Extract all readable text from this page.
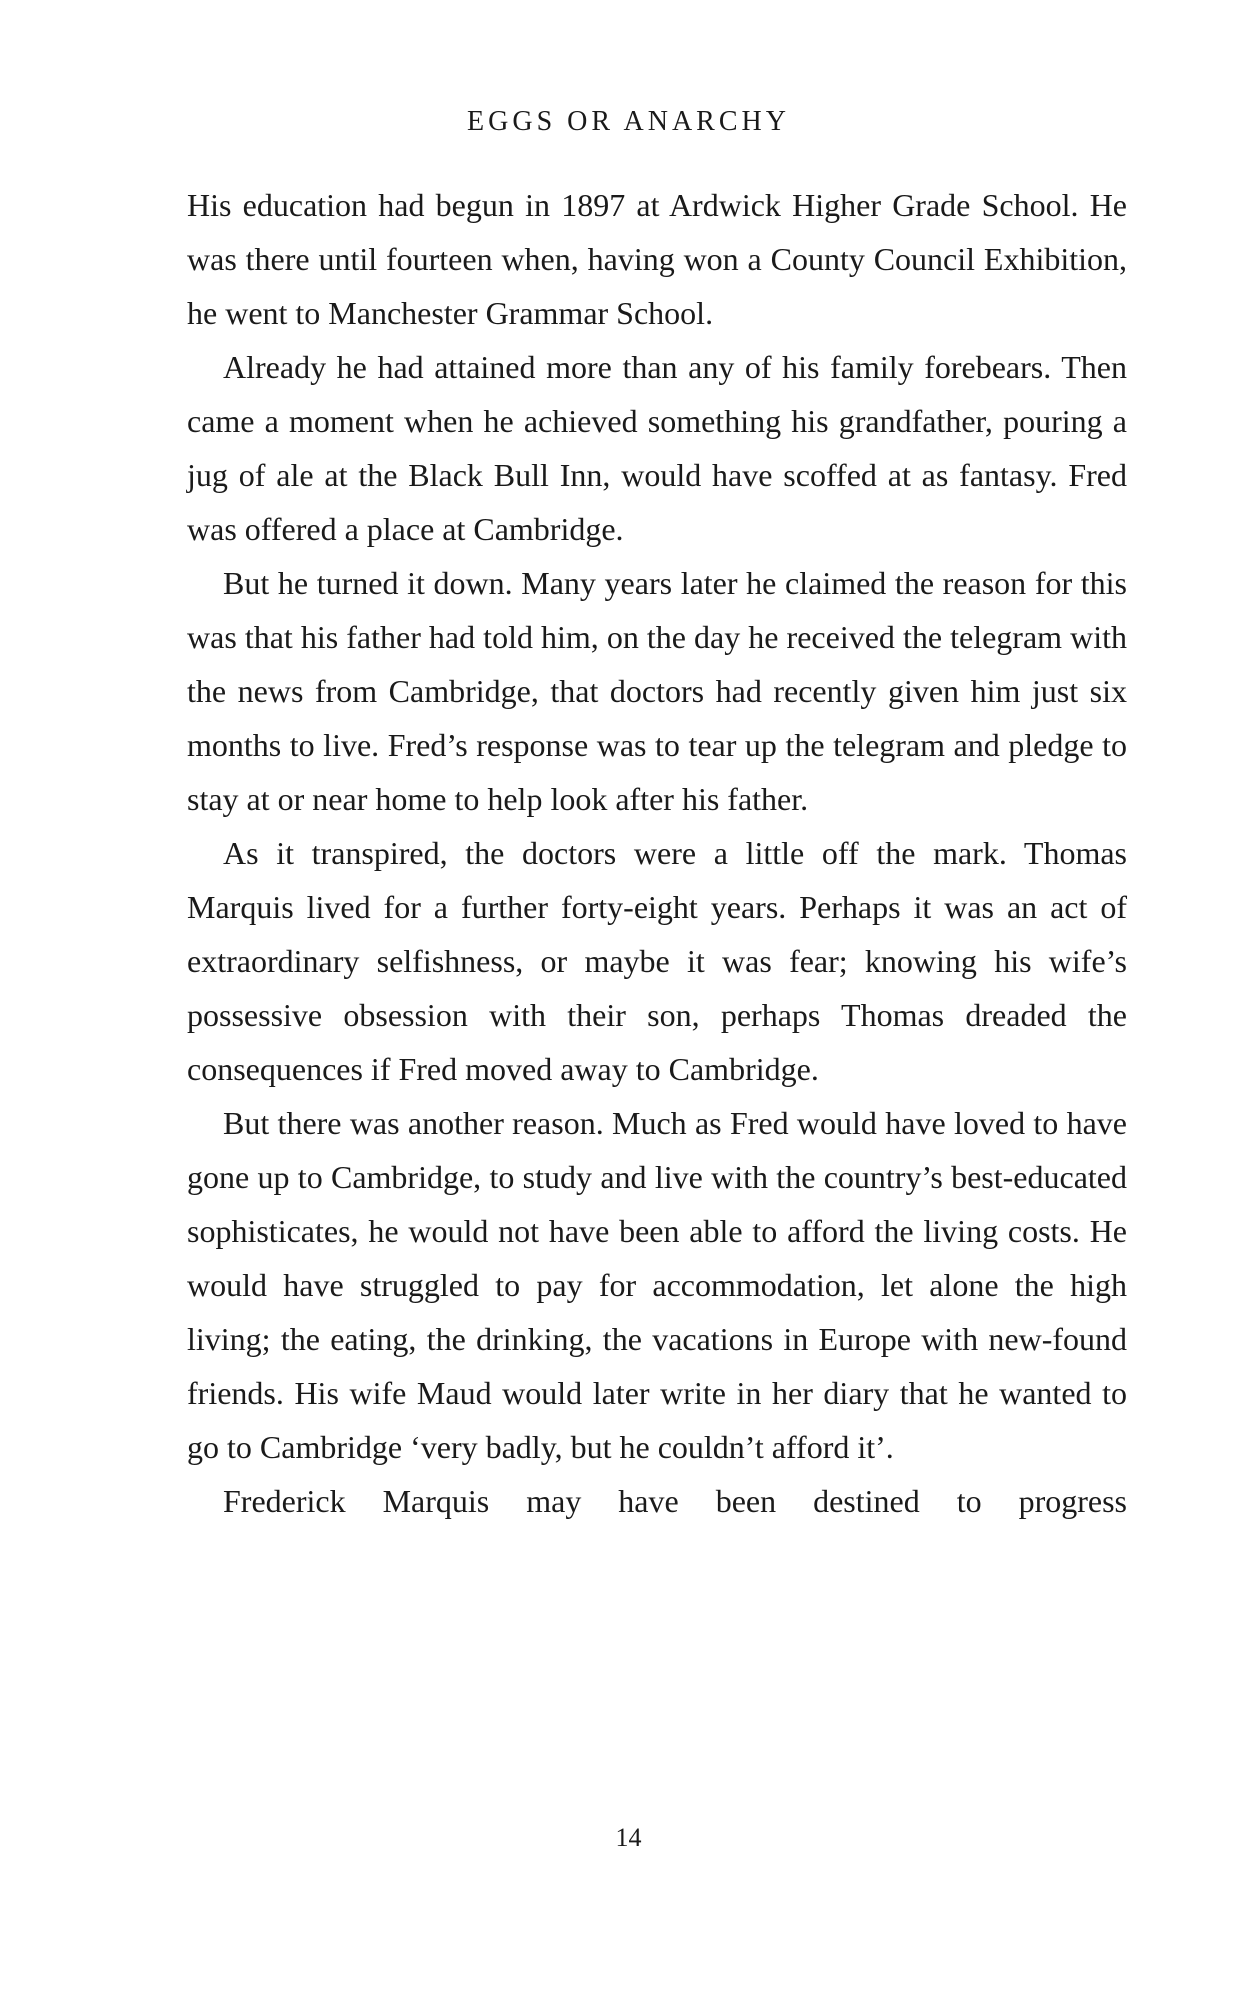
EGGS OR ANARCHY

His education had begun in 1897 at Ardwick Higher Grade School. He was there until fourteen when, having won a County Council Exhibition, he went to Manchester Grammar School.

Already he had attained more than any of his family forebears. Then came a moment when he achieved something his grandfather, pouring a jug of ale at the Black Bull Inn, would have scoffed at as fantasy. Fred was offered a place at Cambridge.

But he turned it down. Many years later he claimed the reason for this was that his father had told him, on the day he received the telegram with the news from Cambridge, that doctors had recently given him just six months to live. Fred’s response was to tear up the telegram and pledge to stay at or near home to help look after his father.

As it transpired, the doctors were a little off the mark. Thomas Marquis lived for a further forty-eight years. Perhaps it was an act of extraordinary selfishness, or maybe it was fear; knowing his wife’s possessive obsession with their son, perhaps Thomas dreaded the consequences if Fred moved away to Cambridge.

But there was another reason. Much as Fred would have loved to have gone up to Cambridge, to study and live with the country’s best-educated sophisticates, he would not have been able to afford the living costs. He would have struggled to pay for accommodation, let alone the high living; the eating, the drinking, the vacations in Europe with new-found friends. His wife Maud would later write in her diary that he wanted to go to Cambridge ‘very badly, but he couldn’t afford it’.

Frederick Marquis may have been destined to progress

14
